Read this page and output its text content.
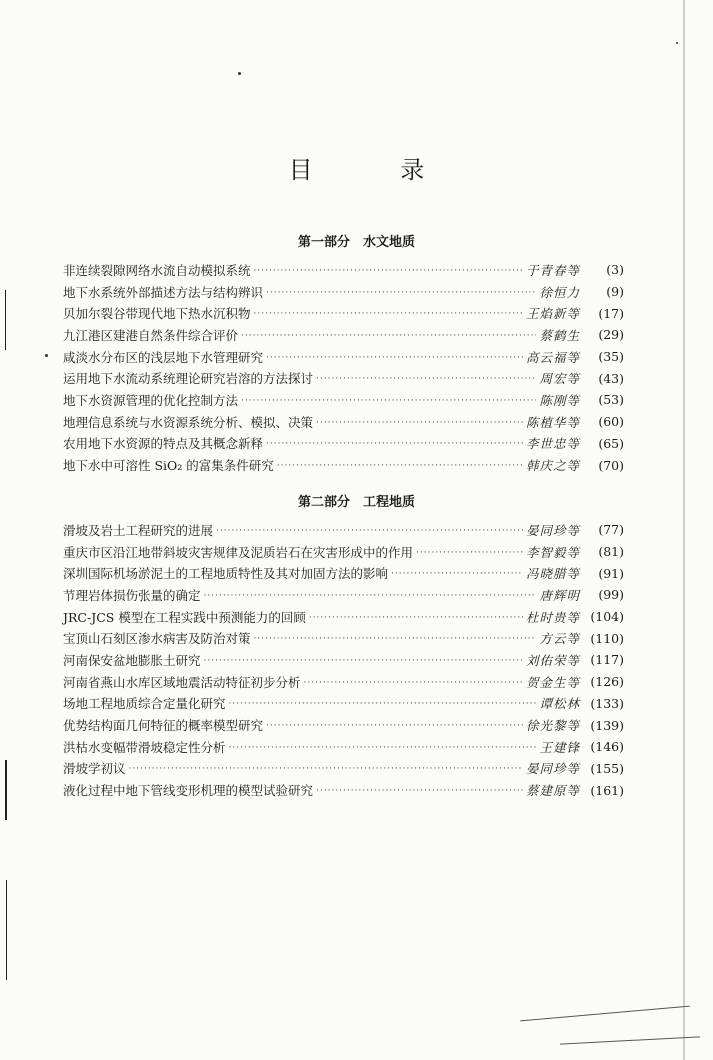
目 录
第一部分　水文地质
非连续裂隙网络水流自动模拟系统 ·····	于青春等	(3)
地下水系统外部描述方法与结构辨识 ·····	徐恒力	(9)
贝加尔裂谷带现代地下热水沉积物 ·····	王焰新等	(17)
九江港区建港自然条件综合评价 ·····	蔡鹤生	(29)
咸淡水分布区的浅层地下水管理研究 ·····	高云福等	(35)
运用地下水流动系统理论研究岩溶的方法探讨 ·····	周宏等	(43)
地下水资源管理的优化控制方法 ·····	陈刚等	(53)
地理信息系统与水资源系统分析、模拟、决策 ·····	陈植华等	(60)
农用地下水资源的特点及其概念新释 ·····	李世忠等	(65)
地下水中可溶性 SiO₂ 的富集条件研究 ·····	韩庆之等	(70)
第二部分　工程地质
滑坡及岩土工程研究的进展 ·····	晏同珍等	(77)
重庆市区沿江地带斜坡灾害规律及泥质岩石在灾害形成中的作用 ·····	李智毅等	(81)
深圳国际机场淤泥土的工程地质特性及其对加固方法的影响 ·····	冯晓腊等	(91)
节理岩体损伤张量的确定 ·····	唐辉明	(99)
JRC-JCS 模型在工程实践中预测能力的回顾 ·····	杜时贵等 (104)
宝顶山石刻区渗水病害及防治对策 ·····	方云等 (110)
河南保安盆地膨胀土研究 ·····	刘佑荣等 (117)
河南省燕山水库区域地震活动特征初步分析 ·····	贺金生等 (126)
场地工程地质综合定量化研究 ·····	谭松林 (133)
优势结构面几何特征的概率模型研究 ·····	徐光黎等 (139)
洪枯水变幅带滑坡稳定性分析 ·····	王建锋 (146)
滑坡学初议 ·····	晏同珍等 (155)
液化过程中地下管线变形机理的模型试验研究 ·····	蔡建原等 (161)
